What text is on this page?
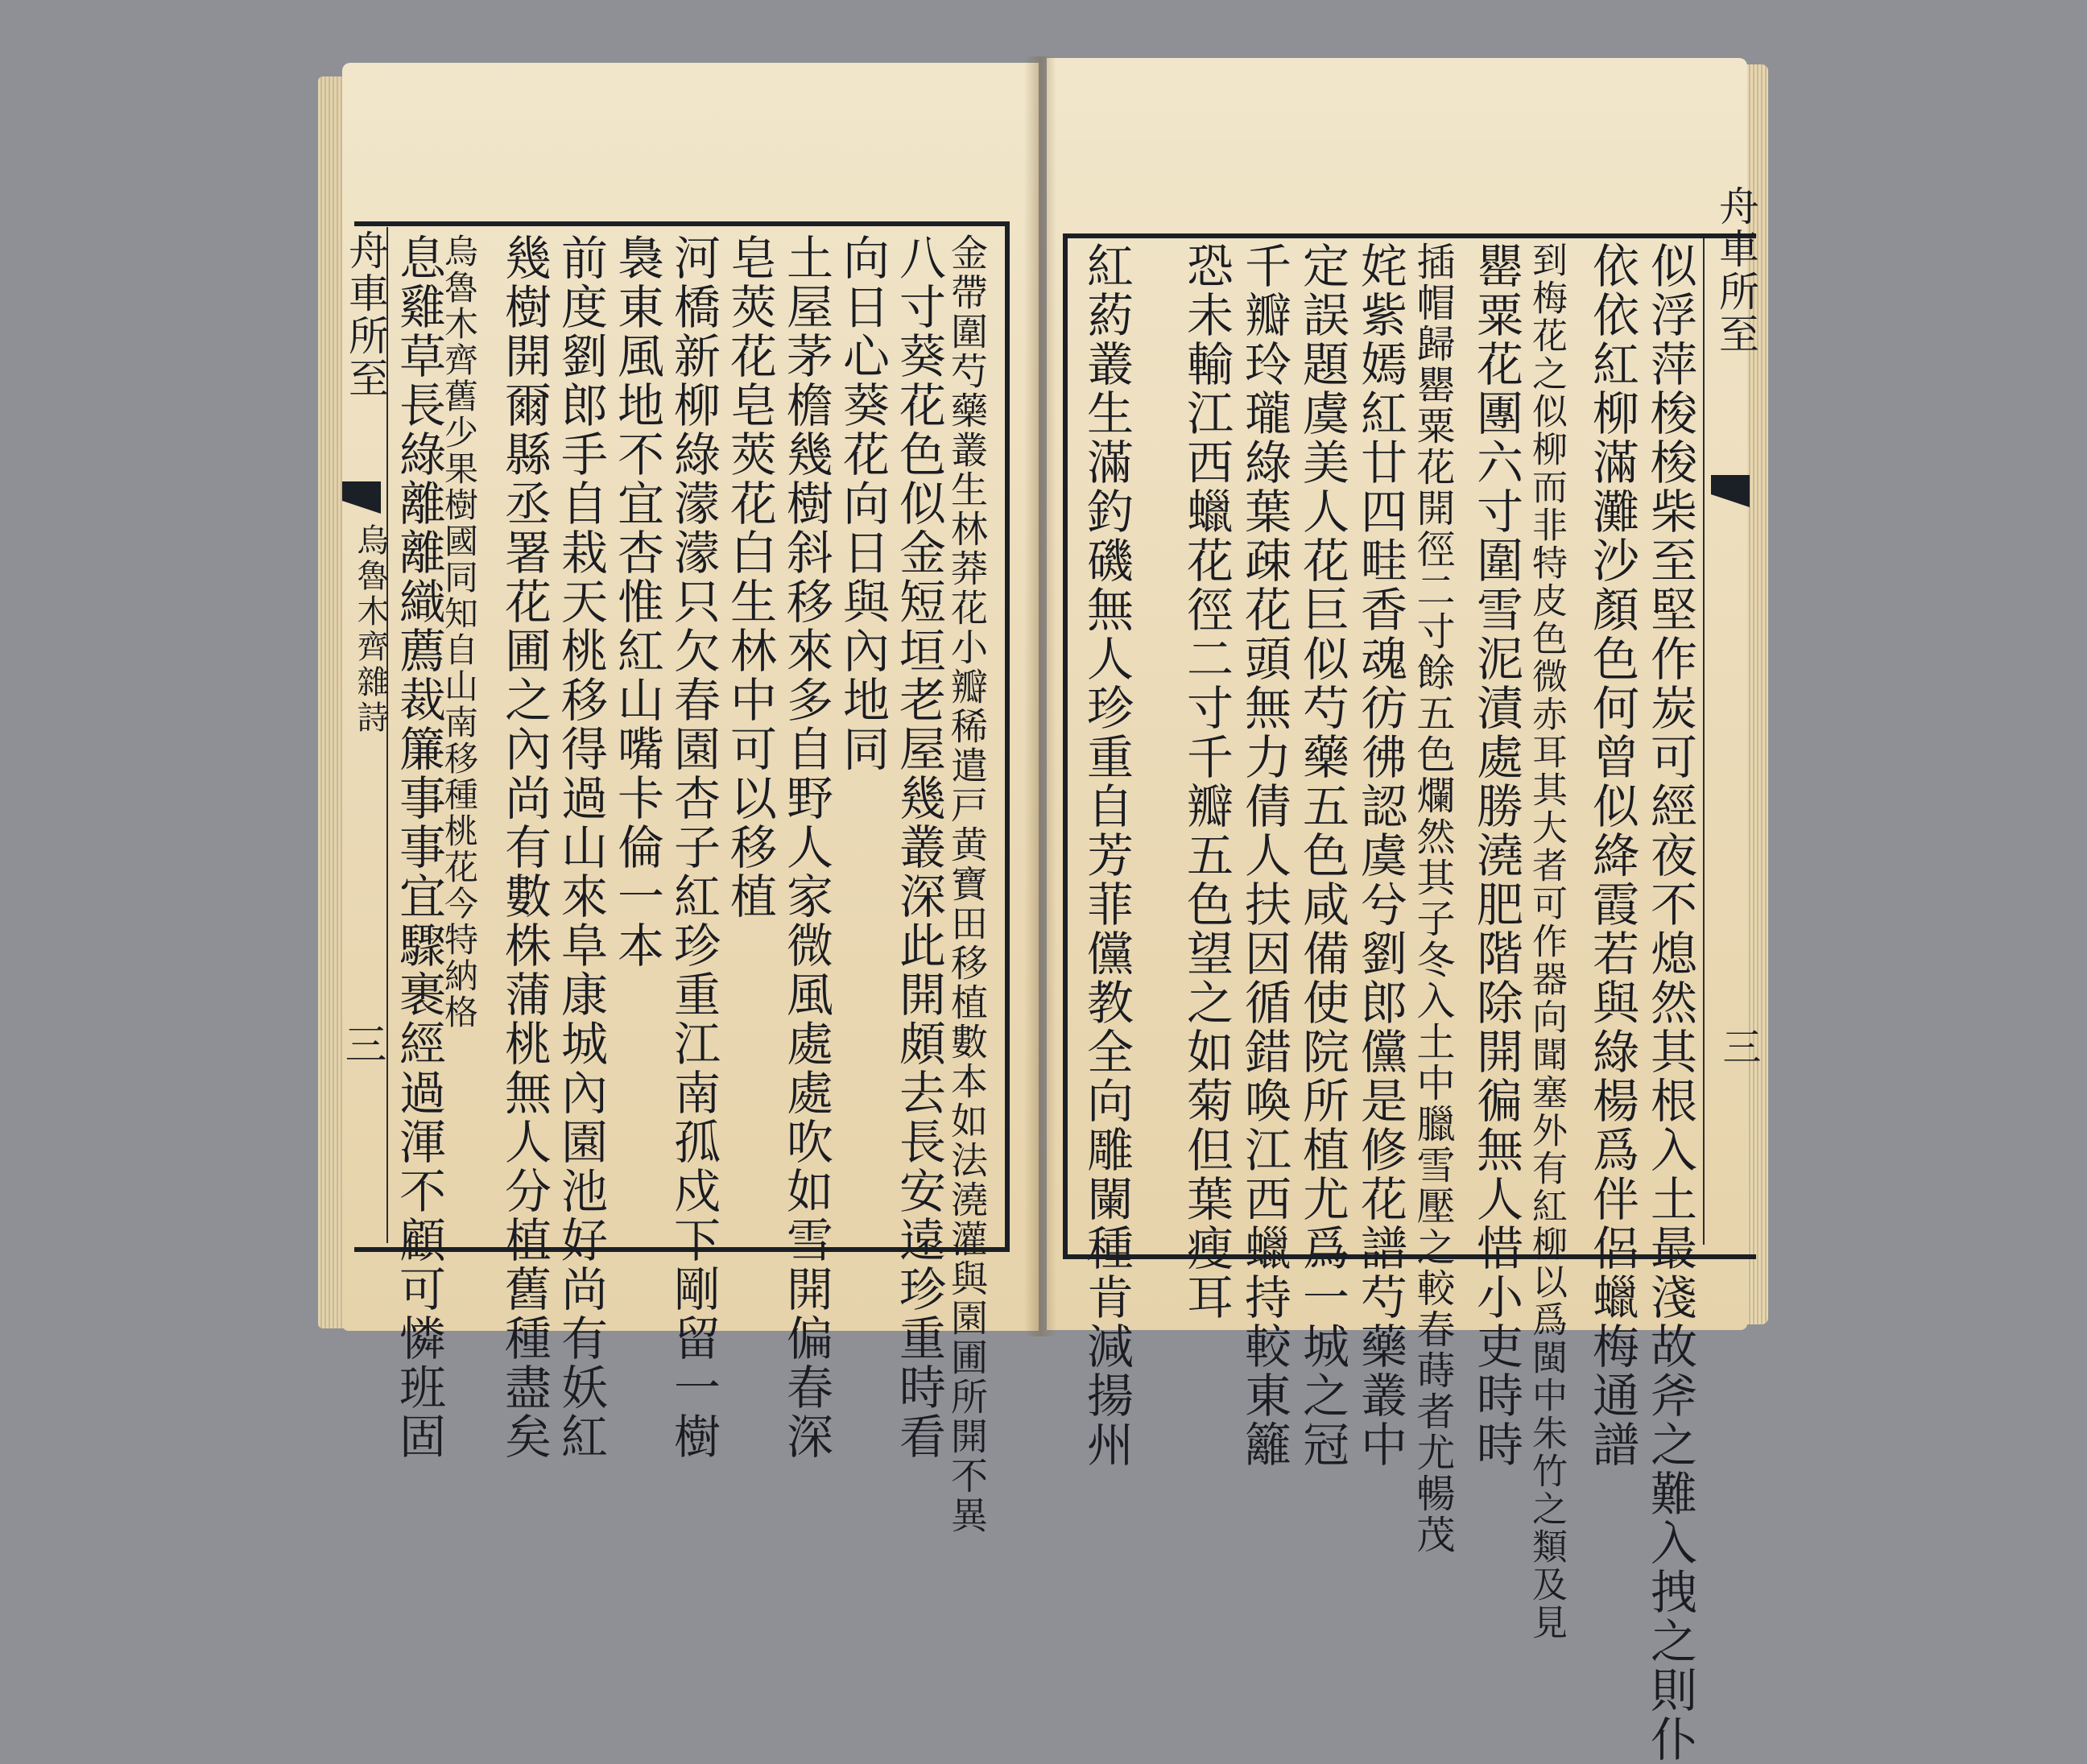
舟車所至
烏魯木齊雜詩
三	金帶圍芍藥叢生林莽花小瓣稀遣戸黄寶田移植數本如法澆灌與園圃所開不異
八寸葵花色似金短垣老屋幾叢深此開頗去長安遠珍重時看
向日心葵花向日與內地同
土屋茅檐幾樹斜移來多自野人家微風處處吹如雪開偏春深
皂莢花皂莢花白生林中可以移植
河橋新柳綠濛濛只欠春園杏子紅珍重江南孤戍下剛留一樹
裊東風地不宜杏惟紅山嘴卡倫一本
前度劉郎手自栽天桃移得過山來阜康城內園池好尚有妖紅
幾樹開爾縣丞署花圃之內尚有數株蒲桃無人分植舊種盡矣
烏魯木齊舊少果樹國同知自山南移種桃花今特納格
息雞草長綠離離織薦裁簾事事宜驟裹經過渾不顧可憐班固	舟車所至
三
似浮萍梭梭柴至堅作炭可經夜不熄然其根入土最淺故斧之難入拽之則仆
依依紅柳滿灘沙顏色何曾似絳霞若與綠楊爲伴侶蠟梅通譜
到梅花之似柳而非特皮色微赤耳其大者可作器向聞塞外有紅柳以爲閩中朱竹之類及見
罌粟花團六寸圍雪泥漬處勝澆肥階除開徧無人惜小吏時時
插帽歸罌粟花開徑二寸餘五色爛然其子冬入土中臘雪壓之較春蒔者尤暢茂
姹紫嫣紅廿四畦香魂彷彿認虞兮劉郎儻是修花譜芍藥叢中
定誤題虞美人花巨似芍藥五色咸備使院所植尤爲一城之冠
千瓣玲瓏綠葉疎花頭無力倩人扶因循錯喚江西蠟持較東籬
恐未輸江西蠟花徑二寸千瓣五色望之如菊但葉瘦耳
紅葯叢生滿釣磯無人珍重自芳菲儻教全向雕闌種肯減揚州
